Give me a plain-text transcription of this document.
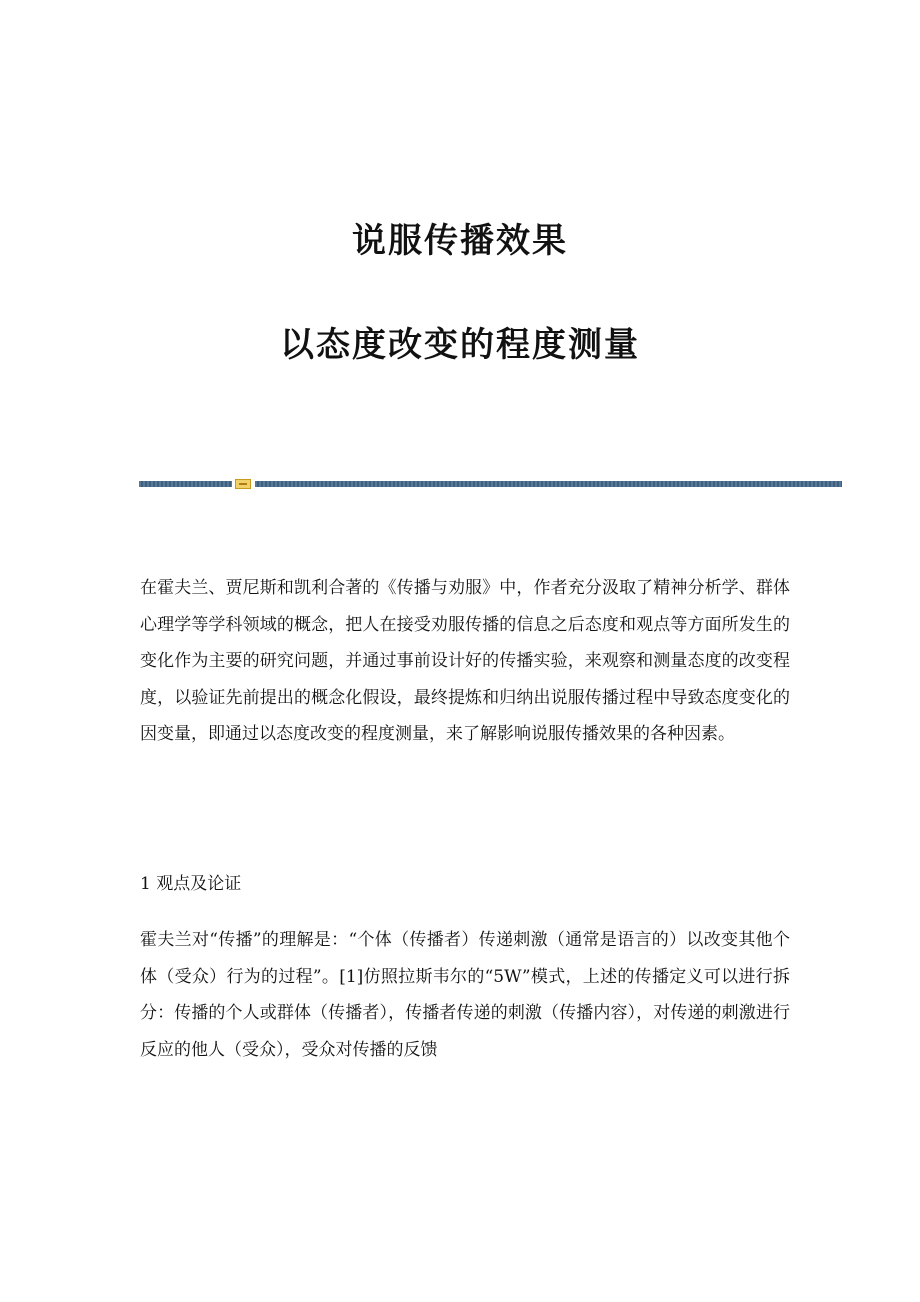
说服传播效果
以态度改变的程度测量

在霍夫兰、贾尼斯和凯利合著的《传播与劝服》中，作者充分汲取了精神分析学、群体心理学等学科领域的概念，把人在接受劝服传播的信息之后态度和观点等方面所发生的变化作为主要的研究问题，并通过事前设计好的传播实验，来观察和测量态度的改变程度，以验证先前提出的概念化假设，最终提炼和归纳出说服传播过程中导致态度变化的因变量，即通过以态度改变的程度测量，来了解影响说服传播效果的各种因素。

1 观点及论证

霍夫兰对“传播”的理解是：“个体（传播者）传递刺激（通常是语言的）以改变其他个体（受众）行为的过程”。[1]仿照拉斯韦尔的“5W”模式，上述的传播定义可以进行拆分：传播的个人或群体（传播者），传播者传递的刺激（传播内容），对传递的刺激进行反应的他人（受众），受众对传播的反馈
